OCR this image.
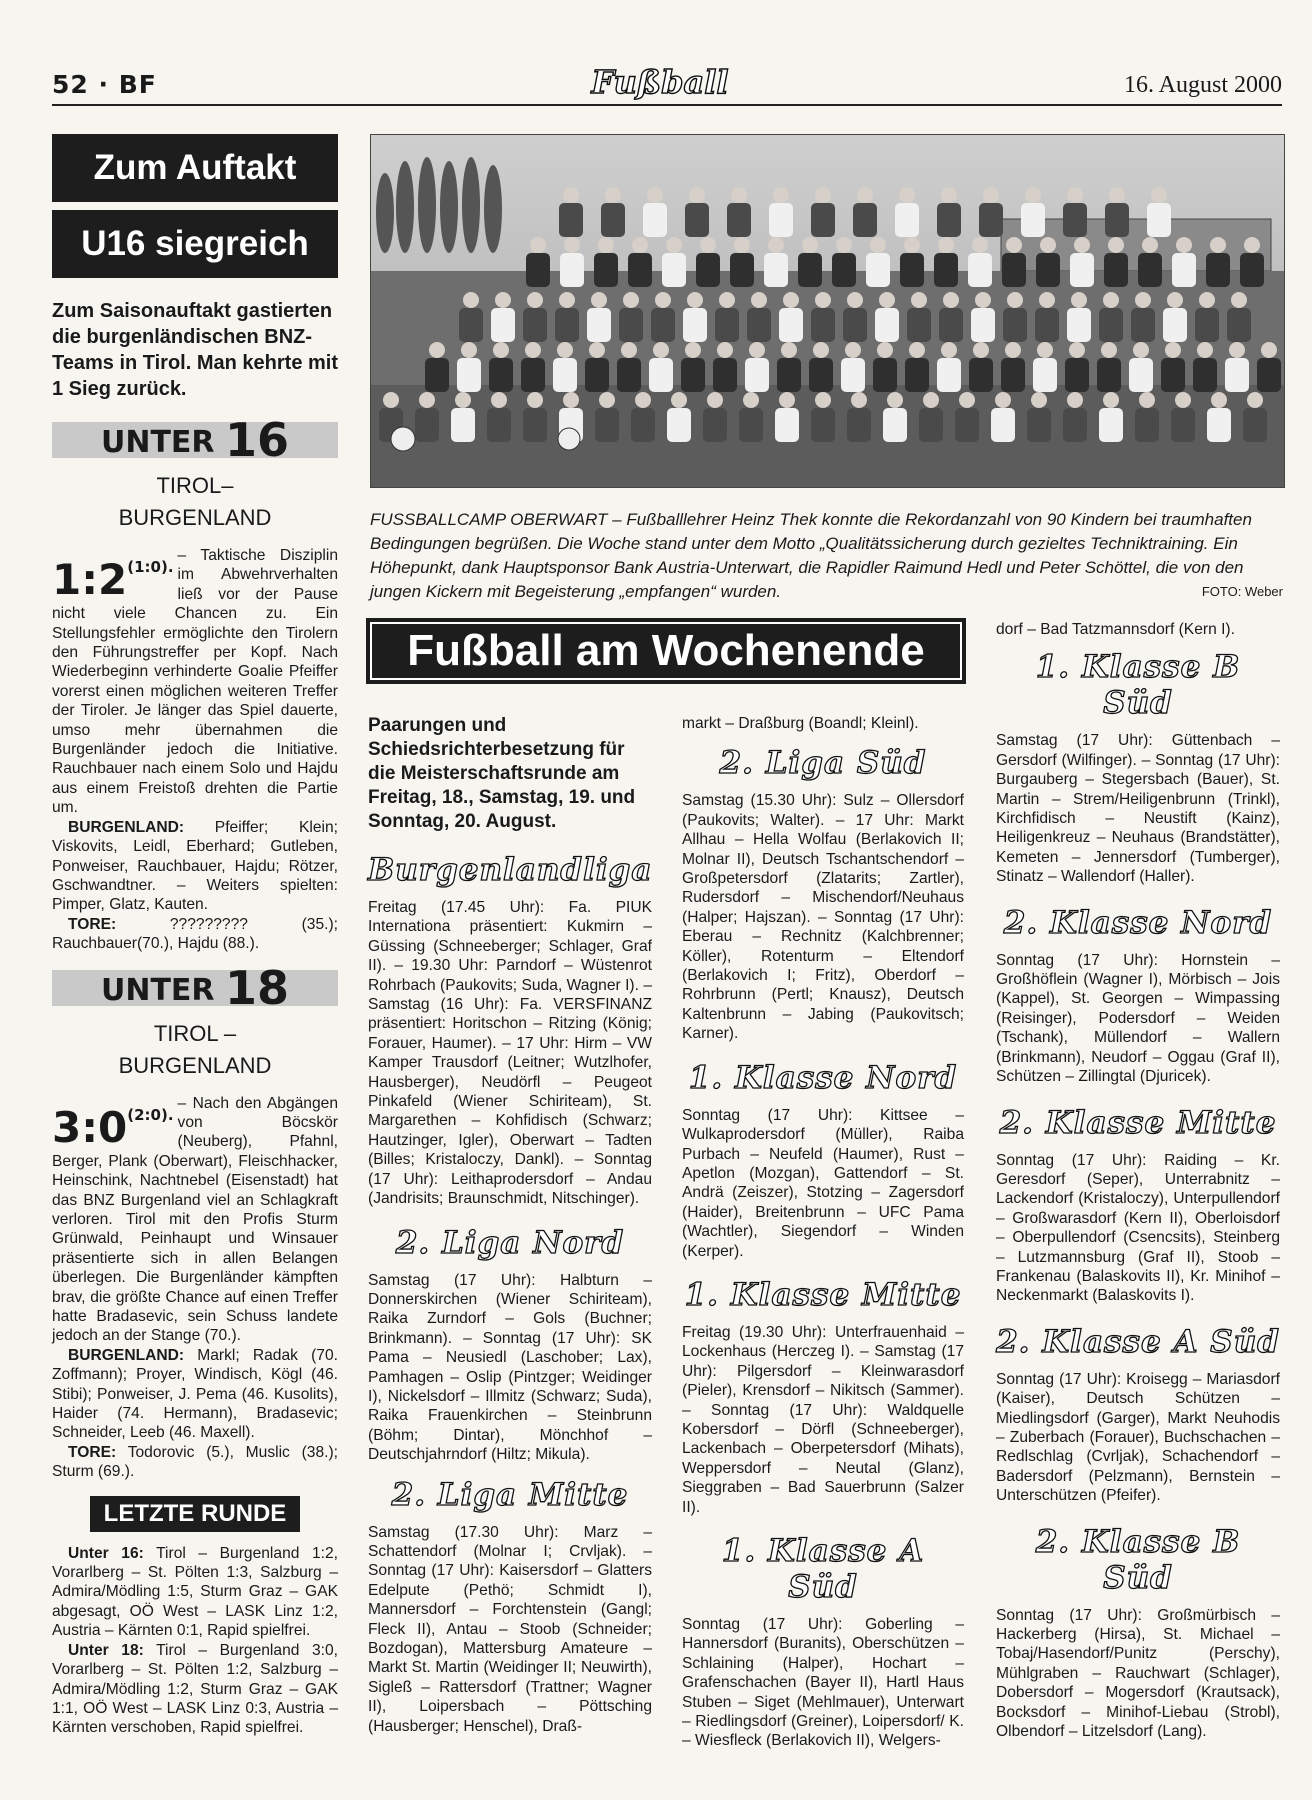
52 · BF	Fußball	16. August 2000
Zum Auftakt
U16 siegreich

Zum Saisonauftakt gastierten die burgenländischen BNZ-Teams in Tirol. Man kehrte mit 1 Sieg zurück.

UNTER 16
TIROL–
BURGENLAND
$1:2^{(1:0).}$
– Taktische Disziplin im Abwehrverhalten ließ vor der Pause nicht viele Chancen zu. Ein Stellungsfehler ermöglichte den Tirolern den Führungstreffer per Kopf. Nach Wiederbeginn verhinderte Goalie Pfeiffer vorerst einen möglichen weiteren Treffer der Tiroler. Je länger das Spiel dauerte, umso mehr übernahmen die Burgenländer jedoch die Initiative. Rauchbauer nach einem Solo und Hajdu aus einem Freistoß drehten die Partie um.
BURGENLAND: Pfeiffer; Klein; Viskovits, Leidl, Eberhard; Gutleben, Ponweiser, Rauchbauer, Hajdu; Rötzer, Gschwandtner. – Weiters spielten: Pimper, Glatz, Kauten.
TORE: ????????? (35.); Rauchbauer(70.), Hajdu (88.).
UNTER 18
TIROL –
BURGENLAND
$3:0^{(2:0).}$
– Nach den Abgängen von Böcskör (Neuberg), Pfahnl, Berger, Plank (Oberwart), Fleischhacker, Heinschink, Nachtnebel (Eisenstadt) hat das BNZ Burgenland viel an Schlagkraft verloren. Tirol mit den Profis Sturm Grünwald, Peinhaupt und Winsauer präsentierte sich in allen Belangen überlegen. Die Burgenländer kämpften brav, die größte Chance auf einen Treffer hatte Bradasevic, sein Schuss landete jedoch an der Stange (70.).
BURGENLAND: Markl; Radak (70. Zoffmann); Proyer, Windisch, Kögl (46. Stibi); Ponweiser, J. Pema (46. Kusolits), Haider (74. Hermann), Bradasevic; Schneider, Leeb (46. Maxell).
TORE: Todorovic (5.), Muslic (38.); Sturm (69.).
LETZTE RUNDE

Unter 16: Tirol – Burgenland 1:2, Vorarlberg – St. Pölten 1:3, Salzburg – Admira/Mödling 1:5, Sturm Graz – GAK abgesagt, OÖ West – LASK Linz 1:2, Austria – Kärnten 0:1, Rapid spielfrei.

Unter 18: Tirol – Burgenland 3:0, Vorarlberg – St. Pölten 1:2, Salzburg – Admira/Mödling 1:2, Sturm Graz – GAK 1:1, OÖ West – LASK Linz 0:3, Austria – Kärnten verschoben, Rapid spielfrei.

FUSSBALLCAMP OBERWART – Fußballlehrer Heinz Thek konnte die Rekordanzahl von 90 Kindern bei traumhaften Bedingungen begrüßen. Die Woche stand unter dem Motto „Qualitätssicherung durch gezieltes Techniktraining. Ein Höhepunkt, dank Hauptsponsor Bank Austria-Unterwart, die Rapidler Raimund Hedl und Peter Schöttel, die von den jungen Kickern mit Begeisterung „empfangen“ wurden.	FOTO: Weber
Fußball am Wochenende

Paarungen und Schiedsrichterbesetzung für die Meisterschaftsrunde am Freitag, 18., Samstag, 19. und Sonntag, 20. August.

Burgenlandliga

Freitag (17.45 Uhr): Fa. PIUK Internationa präsentiert: Kukmirn – Güssing (Schneeberger; Schlager, Graf II). – 19.30 Uhr: Parndorf – Wüstenrot Rohrbach (Paukovits; Suda, Wagner I). – Samstag (16 Uhr): Fa. VERSFINANZ präsentiert: Horitschon – Ritzing (König; Forauer, Haumer). – 17 Uhr: Hirm – VW Kamper Trausdorf (Leitner; Wutzlhofer, Hausberger), Neudörfl – Peugeot Pinkafeld (Wiener Schiriteam), St. Margarethen – Kohfidisch (Schwarz; Hautzinger, Igler), Oberwart – Tadten (Billes; Kristaloczy, Dankl). – Sonntag (17 Uhr): Leithaprodersdorf – Andau (Jandrisits; Braunschmidt, Nitschinger).

2. Liga Nord

Samstag (17 Uhr): Halbturn – Donnerskirchen (Wiener Schiriteam), Raika Zurndorf – Gols (Buchner; Brinkmann). – Sonntag (17 Uhr): SK Pama – Neusiedl (Laschober; Lax), Pamhagen – Oslip (Pintzger; Weidinger I), Nickelsdorf – Illmitz (Schwarz; Suda), Raika Frauenkirchen – Steinbrunn (Böhm; Dintar), Mönchhof – Deutschjahrndorf (Hiltz; Mikula).

2. Liga Mitte

Samstag (17.30 Uhr): Marz – Schattendorf (Molnar I; Crvljak). – Sonntag (17 Uhr): Kaisersdorf – Glatters Edelpute (Pethö; Schmidt I), Mannersdorf – Forchtenstein (Gangl; Fleck II), Antau – Stoob (Schneider; Bozdogan), Mattersburg Amateure – Markt St. Martin (Weidinger II; Neuwirth), Sigleß – Rattersdorf (Trattner; Wagner II), Loipersbach – Pöttsching (Hausberger; Henschel), Draß-

markt – Draßburg (Boandl; Kleinl).

2. Liga Süd

Samstag (15.30 Uhr): Sulz – Ollersdorf (Paukovits; Walter). – 17 Uhr: Markt Allhau – Hella Wolfau (Berlakovich II; Molnar II), Deutsch Tschantschendorf – Großpetersdorf (Zlatarits; Zartler), Rudersdorf – Mischendorf/Neuhaus (Halper; Hajszan). – Sonntag (17 Uhr): Eberau – Rechnitz (Kalchbrenner; Köller), Rotenturm – Eltendorf (Berlakovich I; Fritz), Oberdorf – Rohrbrunn (Pertl; Knausz), Deutsch Kaltenbrunn – Jabing (Paukovitsch; Karner).

1. Klasse Nord

Sonntag (17 Uhr): Kittsee – Wulkaprodersdorf (Müller), Raiba Purbach – Neufeld (Haumer), Rust – Apetlon (Mozgan), Gattendorf – St. Andrä (Zeiszer), Stotzing – Zagersdorf (Haider), Breitenbrunn – UFC Pama (Wachtler), Siegendorf – Winden (Kerper).

1. Klasse Mitte

Freitag (19.30 Uhr): Unterfrauenhaid – Lockenhaus (Herczeg I). – Samstag (17 Uhr): Pilgersdorf – Kleinwarasdorf (Pieler), Krensdorf – Nikitsch (Sammer). – Sonntag (17 Uhr): Waldquelle Kobersdorf – Dörfl (Schneeberger), Lackenbach – Oberpetersdorf (Mihats), Weppersdorf – Neutal (Glanz), Sieggraben – Bad Sauerbrunn (Salzer II).

1. Klasse A Süd

Sonntag (17 Uhr): Goberling – Hannersdorf (Buranits), Oberschützen – Schlaining (Halper), Hochart – Grafenschachen (Bayer II), Hartl Haus Stuben – Siget (Mehlmauer), Unterwart – Riedlingsdorf (Greiner), Loipersdorf/ K. – Wiesfleck (Berlakovich II), Welgers-

dorf – Bad Tatzmannsdorf (Kern I).

1. Klasse B Süd

Samstag (17 Uhr): Güttenbach – Gersdorf (Wilfinger). – Sonntag (17 Uhr): Burgauberg – Stegersbach (Bauer), St. Martin – Strem/Heiligenbrunn (Trinkl), Kirchfidisch – Neustift (Kainz), Heiligenkreuz – Neuhaus (Brandstätter), Kemeten – Jennersdorf (Tumberger), Stinatz – Wallendorf (Haller).

2. Klasse Nord

Sonntag (17 Uhr): Hornstein – Großhöflein (Wagner I), Mörbisch – Jois (Kappel), St. Georgen – Wimpassing (Reisinger), Podersdorf – Weiden (Tschank), Müllendorf – Wallern (Brinkmann), Neudorf – Oggau (Graf II), Schützen – Zillingtal (Djuricek).

2. Klasse Mitte

Sonntag (17 Uhr): Raiding – Kr. Geresdorf (Seper), Unterrabnitz – Lackendorf (Kristaloczy), Unterpullendorf – Großwarasdorf (Kern II), Oberloisdorf – Oberpullendorf (Csencsits), Steinberg – Lutzmannsburg (Graf II), Stoob – Frankenau (Balaskovits II), Kr. Minihof – Neckenmarkt (Balaskovits I).

2. Klasse A Süd

Sonntag (17 Uhr): Kroisegg – Mariasdorf (Kaiser), Deutsch Schützen – Miedlingsdorf (Garger), Markt Neuhodis – Zuberbach (Forauer), Buchschachen – Redlschlag (Cvrljak), Schachendorf – Badersdorf (Pelzmann), Bernstein – Unterschützen (Pfeifer).

2. Klasse B Süd

Sonntag (17 Uhr): Großmürbisch – Hackerberg (Hirsa), St. Michael – Tobaj/Hasendorf/Punitz (Perschy), Mühlgraben – Rauchwart (Schlager), Dobersdorf – Mogersdorf (Krautsack), Bocksdorf – Minihof-Liebau (Strobl), Olbendorf – Litzelsdorf (Lang).
